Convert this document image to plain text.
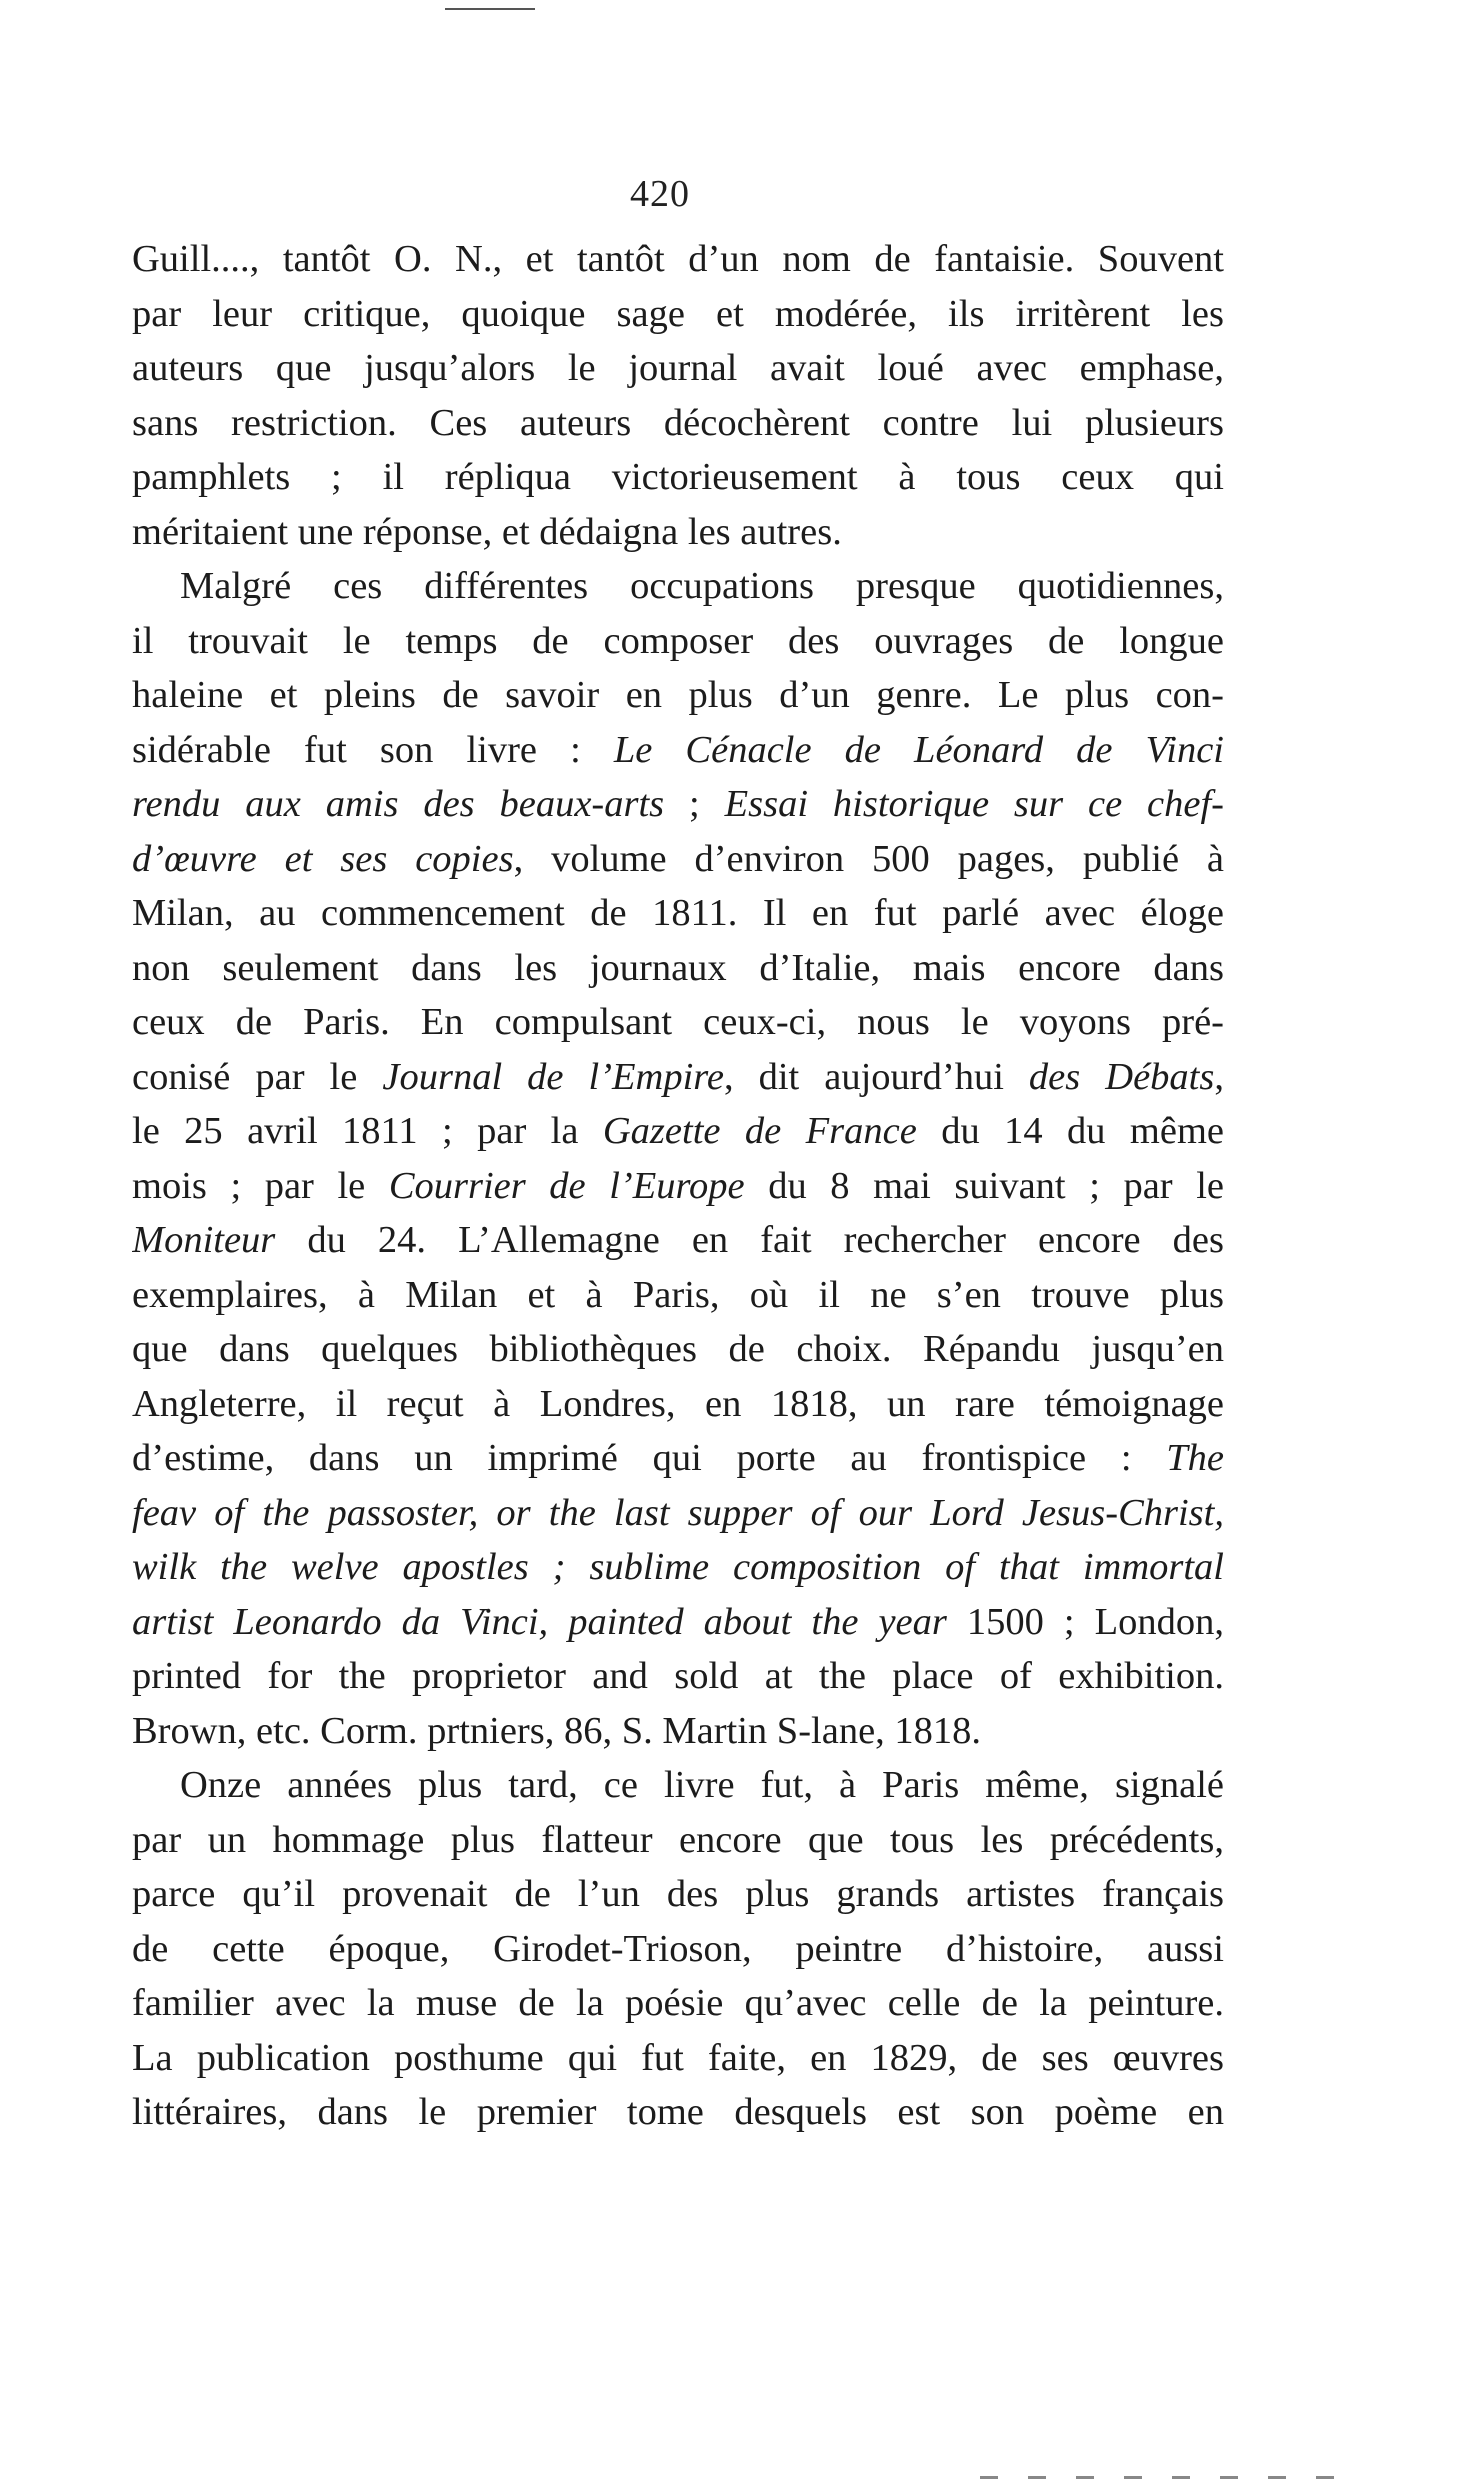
420
Guill...., tantôt O. N., et tantôt d’un nom de fantaisie. Souvent
par leur critique, quoique sage et modérée, ils irritèrent les
auteurs que jusqu’alors le journal avait loué avec emphase,
sans restriction. Ces auteurs décochèrent contre lui plusieurs
pamphlets ; il répliqua victorieusement à tous ceux qui
méritaient une réponse, et dédaigna les autres.
Malgré ces différentes occupations presque quotidiennes,
il trouvait le temps de composer des ouvrages de longue
haleine et pleins de savoir en plus d’un genre. Le plus con-
sidérable fut son livre : Le Cénacle de Léonard de Vinci
rendu aux amis des beaux-arts ; Essai historique sur ce chef-
d’œuvre et ses copies, volume d’environ 500 pages, publié à
Milan, au commencement de 1811. Il en fut parlé avec éloge
non seulement dans les journaux d’Italie, mais encore dans
ceux de Paris. En compulsant ceux-ci, nous le voyons pré-
conisé par le Journal de l’Empire, dit aujourd’hui des Débats,
le 25 avril 1811 ; par la Gazette de France du 14 du même
mois ; par le Courrier de l’Europe du 8 mai suivant ; par le
Moniteur du 24. L’Allemagne en fait rechercher encore des
exemplaires, à Milan et à Paris, où il ne s’en trouve plus
que dans quelques bibliothèques de choix. Répandu jusqu’en
Angleterre, il reçut à Londres, en 1818, un rare témoignage
d’estime, dans un imprimé qui porte au frontispice : The
feav of the passoster, or the last supper of our Lord Jesus-Christ,
wilk the welve apostles ; sublime composition of that immortal
artist Leonardo da Vinci, painted about the year 1500 ; London,
printed for the proprietor and sold at the place of exhibition.
Brown, etc. Corm. prtniers, 86, S. Martin S-lane, 1818.
Onze années plus tard, ce livre fut, à Paris même, signalé
par un hommage plus flatteur encore que tous les précédents,
parce qu’il provenait de l’un des plus grands artistes français
de cette époque, Girodet-Trioson, peintre d’histoire, aussi
familier avec la muse de la poésie qu’avec celle de la peinture.
La publication posthume qui fut faite, en 1829, de ses œuvres
littéraires, dans le premier tome desquels est son poème en
